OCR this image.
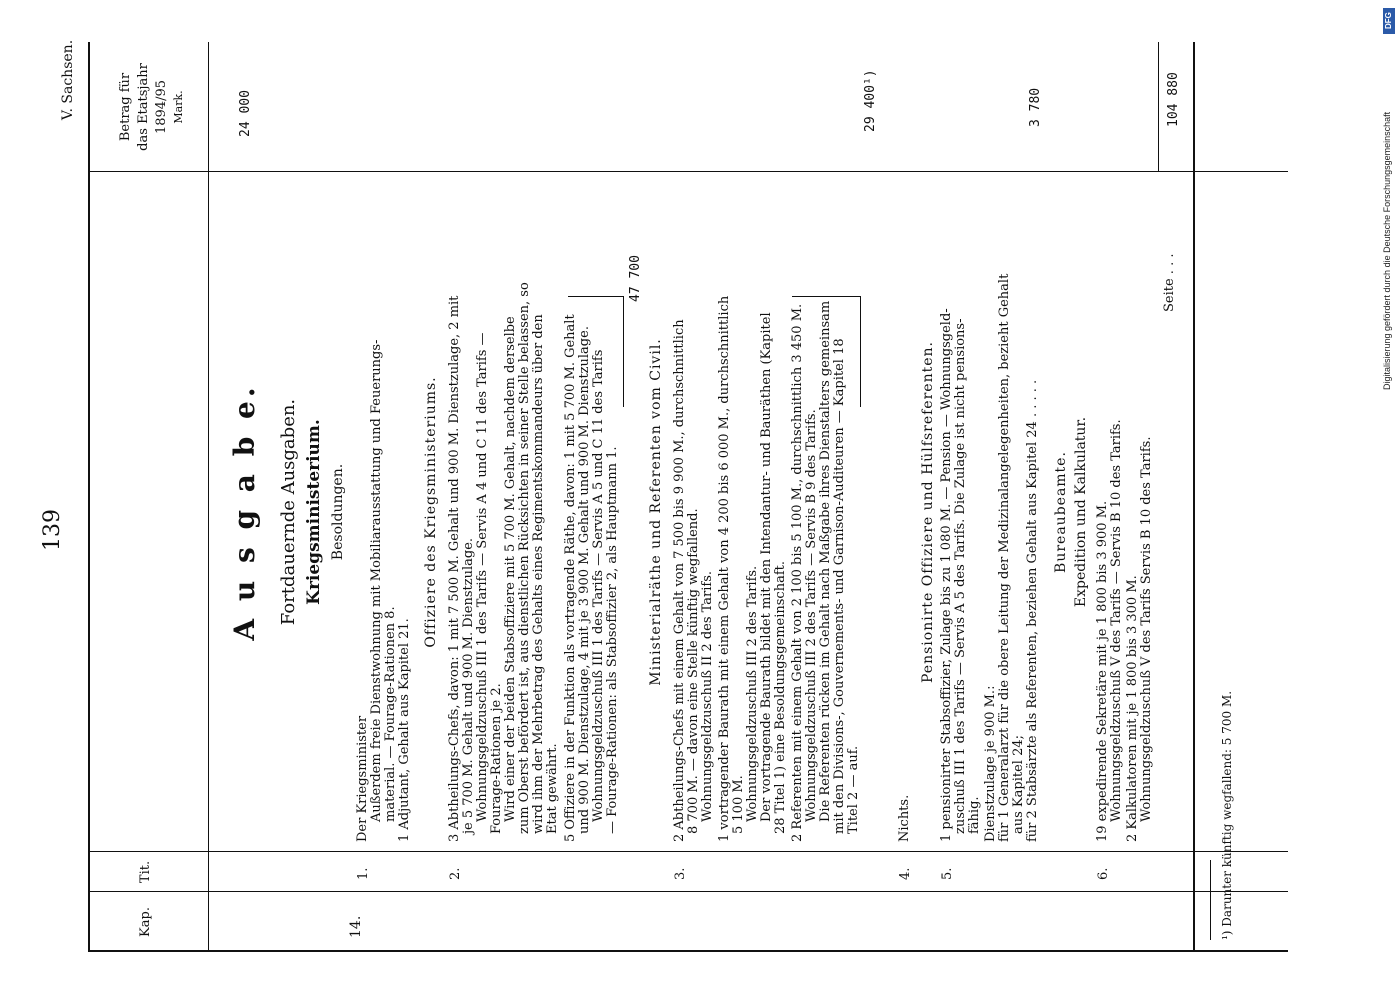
139
V. Sachsen.
Kap.
Tit.
Betrag für das Etatsjahr 1894/95 Mark.
A u s g a b e. Fortdauernde Ausgaben. Kriegsministerium. Besoldungen.
14.
1.
Der Kriegsminister Außerdem freie Dienstwohnung mit Mobiliarausstattung und Feuerungs- material. — Fourage-Rationen 8. 1 Adjutant, Gehalt aus Kapitel 21.
24 000
Offiziere des Kriegsministeriums.
2.
3 Abtheilungs-Chefs, davon: 1 mit 7 500 M. Gehalt und 900 M. Dienstzulage, 2 mit je 5 700 M. Gehalt und 900 M. Dienstzulage. Wohnungsgeldzuschuß III 1 des Tarifs — Servis A 4 und C 11 des Tarifs — Fourage-Rationen je 2. Wird einer der beiden Stabsoffiziere mit 5 700 M. Gehalt, nachdem derselbe zum Oberst befördert ist, aus dienstlichen Rücksichten in seiner Stelle belassen, so wird ihm der Mehrbetrag des Gehalts eines Regimentskommandeurs über den Etat gewährt. 5 Offiziere in der Funktion als vortragende Räthe, davon: 1 mit 5 700 M. Gehalt und 900 M. Dienstzulage, 4 mit je 3 900 M. Gehalt und 900 M. Dienstzulage. Wohnungsgeldzuschuß III 1 des Tarifs — Servis A 5 und C 11 des Tarifs — Fourage-Rationen: als Stabsoffizier 2, als Hauptmann 1.
47 700
Ministerialräthe und Referenten vom Civil.
3.
2 Abtheilungs-Chefs mit einem Gehalt von 7 500 bis 9 900 M., durchschnittlich 8 700 M. — davon eine Stelle künftig wegfallend. Wohnungsgeldzuschuß II 2 des Tarifs. 1 vortragender Baurath mit einem Gehalt von 4 200 bis 6 000 M., durchschnittlich 5 100 M. Wohnungsgeldzuschuß III 2 des Tarifs. Der vortragende Baurath bildet mit den Intendantur- und Bauräthen (Kapitel 28 Titel 1) eine Besoldungsgemeinschaft. 2 Referenten mit einem Gehalt von 2 100 bis 5 100 M., durchschnittlich 3 450 M. Wohnungsgeldzuschuß III 2 des Tarifs — Servis B 9 des Tarifs. Die Referenten rücken im Gehalt nach Maßgabe ihres Dienstalters gemeinsam mit den Divisions-, Gouvernements- und Garnison-Auditeuren — Kapitel 18 Titel 2 — auf.
29 400¹)
4.
Nichts.
Pensionirte Offiziere und Hülfsreferenten.
5.
1 pensionirter Stabsoffizier, Zulage bis zu 1 080 M. — Pension — Wohnungsgeld- zuschuß III 1 des Tarifs — Servis A 5 des Tarifs. Die Zulage ist nicht pensions- fähig. Dienstzulage je 900 M.: für 1 Generalarzt für die obere Leitung der Medizinalangelegenheiten, bezieht Gehalt aus Kapitel 24; für 2 Stabsärzte als Referenten, beziehen Gehalt aus Kapitel 24 . . . . .
3 780
Bureaubeamte. Expedition und Kalkulatur.
6.
19 expedirende Sekretäre mit je 1 800 bis 3 900 M. Wohnungsgeldzuschuß V des Tarifs — Servis B 10 des Tarifs. 2 Kalkulatoren mit je 1 800 bis 3 300 M. Wohnungsgeldzuschuß V des Tarifs Servis B 10 des Tarifs.
Seite . . .
104 880
¹) Darunter künftig wegfallend: 5 700 M.
DFG
Digitalisierung gefördert durch die Deutsche Forschungsgemeinschaft
